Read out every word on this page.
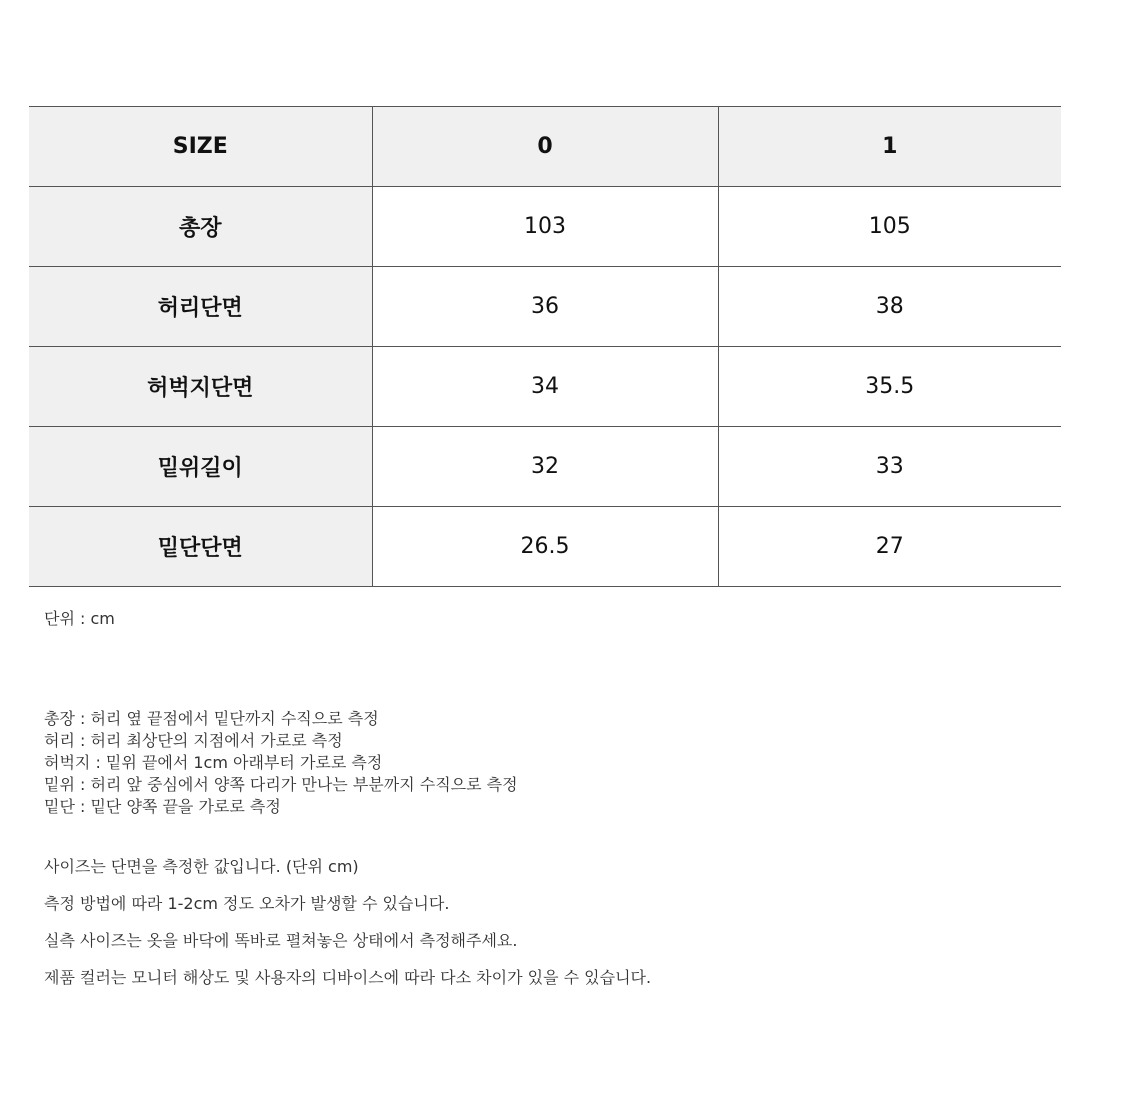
SIZE	0	1
총장	103	105
허리단면	36	38
허벅지단면	34	35.5
밑위길이	32	33
밑단단면	26.5	27
단위 : cm
총장 : 허리 옆 끝점에서 밑단까지 수직으로 측정
허리 : 허리 최상단의 지점에서 가로로 측정
허벅지 : 밑위 끝에서 1cm 아래부터 가로로 측정
밑위 : 허리 앞 중심에서 양쪽 다리가 만나는 부분까지 수직으로 측정
밑단 : 밑단 양쪽 끝을 가로로 측정
사이즈는 단면을 측정한 값입니다. (단위 cm)
측정 방법에 따라 1-2cm 정도 오차가 발생할 수 있습니다.
실측 사이즈는 옷을 바닥에 똑바로 펼쳐놓은 상태에서 측정해주세요.
제품 컬러는 모니터 해상도 및 사용자의 디바이스에 따라 다소 차이가 있을 수 있습니다.
